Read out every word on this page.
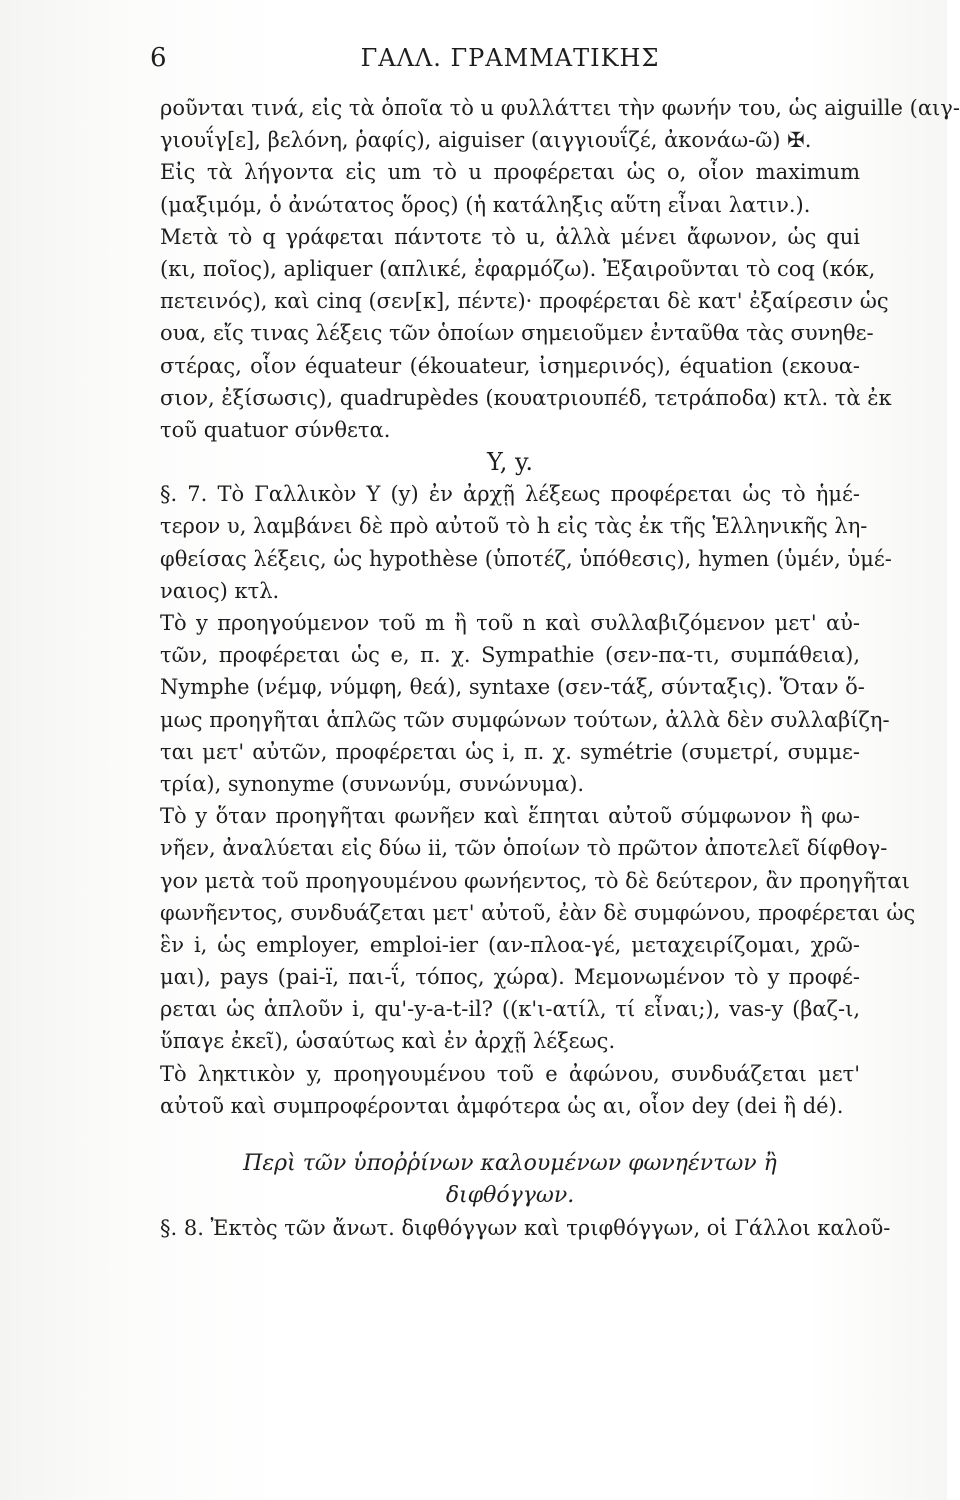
6	ΓΑΛΛ. ΓΡΑΜΜΑΤΙΚΗΣ
ροῦνται τινά, εἰς τὰ ὁποῖα τὸ u φυλλάττει τὴν φωνήν του, ὡς aiguille (αιγ-
γιουΐγ[ε], βελόνη, ῥαφίς), aiguiser (αιγγιουΐζέ, ἀκονάω-ῶ) ✠.
Εἰς τὰ λήγοντα εἰς um τὸ u προφέρεται ὡς ο, οἷον maximum
(μαξιμόμ, ὁ ἀνώτατος ὅρος) (ἡ κατάληξις αὕτη εἶναι λατιν.).
Μετὰ τὸ q γράφεται πάντοτε τὸ u, ἀλλὰ μένει ἄφωνον, ὡς qui
(κι, ποῖος), apliquer (απλικέ, ἐφαρμόζω). Ἐξαιροῦνται τὸ coq (κόκ,
πετεινός), καὶ cinq (σεν[κ], πέντε)· προφέρεται δὲ κατ' ἐξαίρεσιν ὡς
ουα, εἴς τινας λέξεις τῶν ὁποίων σημειοῦμεν ἐνταῦθα τὰς συνηθε-
στέρας, οἷον équateur (ékouateur, ἰσημερινός), équation (εκουα-
σιον, ἐξίσωσις), quadrupèdes (κουατριουπέδ, τετράποδα) κτλ. τὰ ἐκ
τοῦ quatuor σύνθετα.
Y, y.
§. 7. Τὸ Γαλλικὸν Y (y) ἐν ἀρχῇ λέξεως προφέρεται ὡς τὸ ἡμέ-
τερον υ, λαμβάνει δὲ πρὸ αὐτοῦ τὸ h εἰς τὰς ἐκ τῆς Ἑλληνικῆς λη-
φθείσας λέξεις, ὡς hypothèse (ὑποτέζ, ὑπόθεσις), hymen (ὑμέν, ὑμέ-
ναιος) κτλ.
Τὸ y προηγούμενον τοῦ m ἢ τοῦ n καὶ συλλαβιζόμενον μετ' αὐ-
τῶν, προφέρεται ὡς e, π. χ. Sympathie (σεν-πα-τι, συμπάθεια),
Nymphe (νέμφ, νύμφη, θεά), syntaxe (σεν-τάξ, σύνταξις). Ὅταν ὅ-
μως προηγῆται ἁπλῶς τῶν συμφώνων τούτων, ἀλλὰ δὲν συλλαβίζη-
ται μετ' αὐτῶν, προφέρεται ὡς i, π. χ. symétrie (συμετρί, συμμε-
τρία), synonyme (συνωνύμ, συνώνυμα).
Τὸ y ὅταν προηγῆται φωνῆεν καὶ ἕπηται αὐτοῦ σύμφωνον ἢ φω-
νῆεν, ἀναλύεται εἰς δύω ii, τῶν ὁποίων τὸ πρῶτον ἀποτελεῖ δίφθογ-
γον μετὰ τοῦ προηγουμένου φωνήεντος, τὸ δὲ δεύτερον, ἂν προηγῆται
φωνῆεντος, συνδυάζεται μετ' αὐτοῦ, ἐὰν δὲ συμφώνου, προφέρεται ὡς
ἓν i, ὡς employer, emploi-ier (αν-πλοα-γέ, μεταχειρίζομαι, χρῶ-
μαι), pays (pai-ï, παι-ΐ, τόπος, χώρα). Μεμονωμένον τὸ y προφέ-
ρεται ὡς ἁπλοῦν i, qu'-y-a-t-il? ((κ'ι-ατίλ, τί εἶναι;), vas-y (βαζ-ι,
ὕπαγε ἐκεῖ), ὡσαύτως καὶ ἐν ἀρχῇ λέξεως.
Τὸ ληκτικὸν y, προηγουμένου τοῦ e ἀφώνου, συνδυάζεται μετ'
αὐτοῦ καὶ συμπροφέρονται ἀμφότερα ὡς αι, οἷον dey (dei ἢ dé).
Περὶ τῶν ὑποῤῥίνων καλουμένων φωνηέντων ἢ
διφθόγγων.
§. 8. Ἐκτὸς τῶν ἄνωτ. διφθόγγων καὶ τριφθόγγων, οἱ Γάλλοι καλοῦ-
